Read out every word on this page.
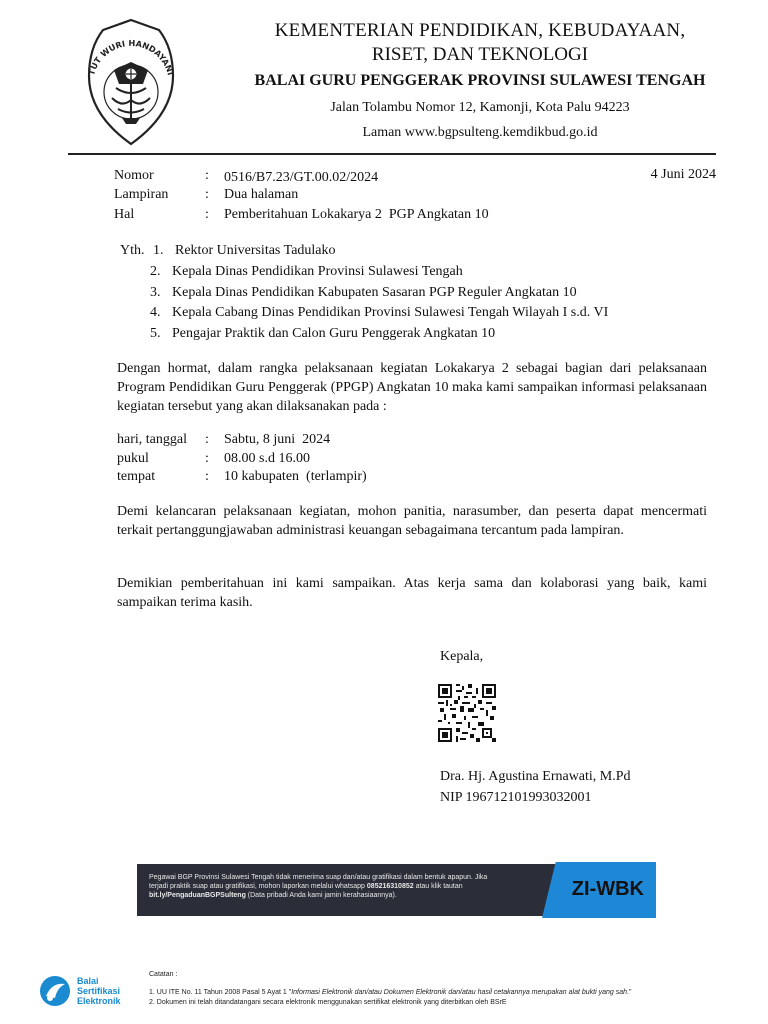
TUT WURI HANDAYANI
KEMENTERIAN PENDIDIKAN, KEBUDAYAAN,
RISET, DAN TEKNOLOGI
BALAI GURU PENGGERAK PROVINSI SULAWESI TENGAH
Jalan Tolambu Nomor 12, Kamonji, Kota Palu 94223
Laman www.bgpsulteng.kemdikbud.go.id
4 Juni 2024
Nomor	: 0516/B7.23/GT.00.02/2024
Lampiran	: Dua halaman
Hal	: Pemberitahuan Lokakarya 2  PGP Angkatan 10
Yth. 1. Rektor Universitas Tadulako
2. Kepala Dinas Pendidikan Provinsi Sulawesi Tengah
3. Kepala Dinas Pendidikan Kabupaten Sasaran PGP Reguler Angkatan 10
4. Kepala Cabang Dinas Pendidikan Provinsi Sulawesi Tengah Wilayah I s.d. VI
5. Pengajar Praktik dan Calon Guru Penggerak Angkatan 10
Dengan hormat, dalam rangka pelaksanaan kegiatan Lokakarya 2 sebagai bagian dari pelaksanaan Program Pendidikan Guru Penggerak (PPGP) Angkatan 10 maka kami sampaikan informasi pelaksanaan kegiatan tersebut yang akan dilaksanakan pada :
hari, tanggal : Sabtu, 8 juni  2024
pukul	: 08.00 s.d 16.00
tempat	: 10 kabupaten  (terlampir)
Demi kelancaran pelaksanaan kegiatan, mohon panitia, narasumber, dan peserta dapat mencermati terkait pertanggungjawaban administrasi keuangan sebagaimana tercantum pada lampiran.
Demikian pemberitahuan ini kami sampaikan. Atas kerja sama dan kolaborasi yang baik, kami sampaikan terima kasih.
Kepala,
Dra. Hj. Agustina Ernawati, M.Pd
NIP 196712101993032001
Pegawai BGP Provinsi Sulawesi Tengah tidak menerima suap dan/atau gratifikasi dalam bentuk apapun. Jika
terjadi praktik suap atau gratifikasi, mohon laporkan melalui whatsapp 085216310852 atau klik tautan
bit.ly/PengaduanBGPSulteng (Data pribadi Anda kami jamin kerahasiaannya).	ZI-WBK
Balai
Sertifikasi
Elektronik
Catatan :
1. UU ITE No. 11 Tahun 2008 Pasal 5 Ayat 1 "Informasi Elektronik dan/atau Dokumen Elektronik dan/atau hasil cetakannya merupakan alat bukti yang sah."
2. Dokumen ini telah ditandatangani secara elektronik menggunakan sertifikat elektronik yang diterbitkan oleh BSrE
